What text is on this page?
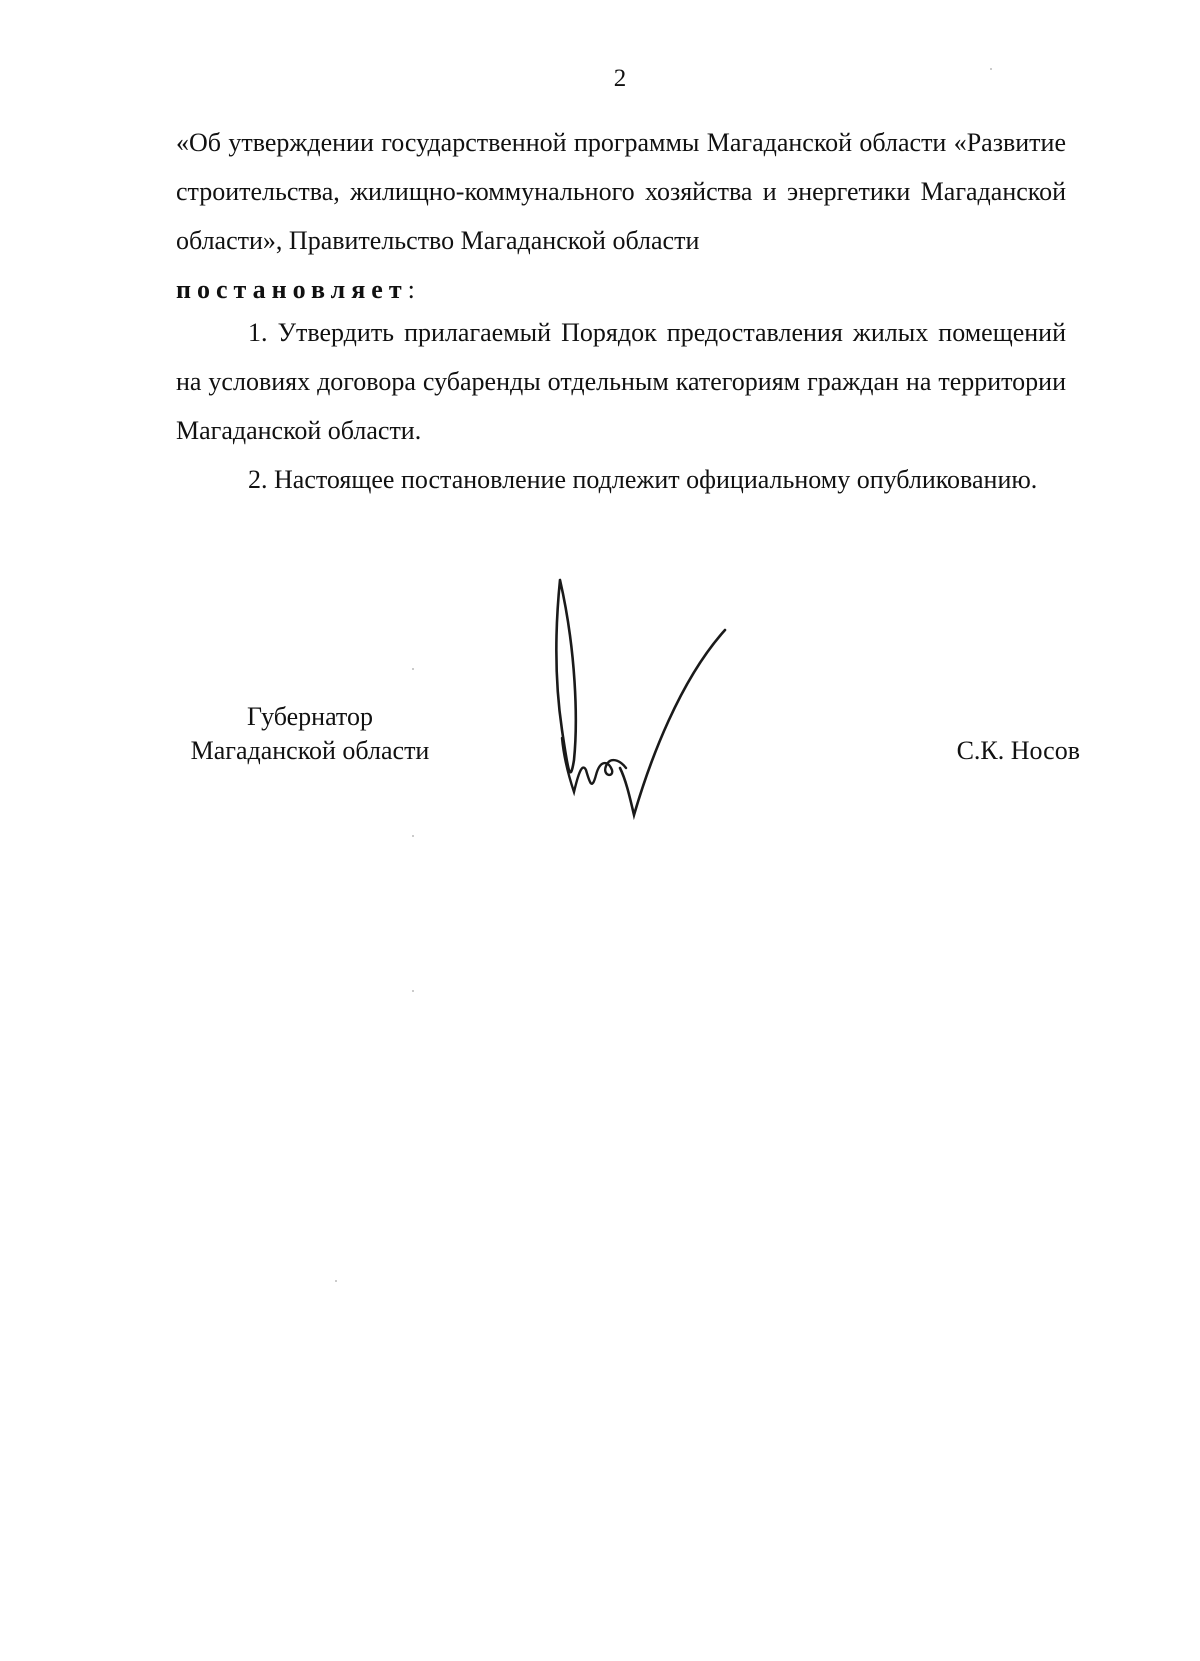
2

«Об утверждении государственной программы Магаданской области «Развитие строительства, жилищно-коммунального хозяйства и энергетики Магаданской области», Правительство Магаданской области
постановляет:

1. Утвердить прилагаемый Порядок предоставления жилых помещений на условиях договора субаренды отдельным категориям граждан на территории Магаданской области.

2. Настоящее постановление подлежит официальному опубликованию.

Губернатор
Магаданской области	С.К. Носов
